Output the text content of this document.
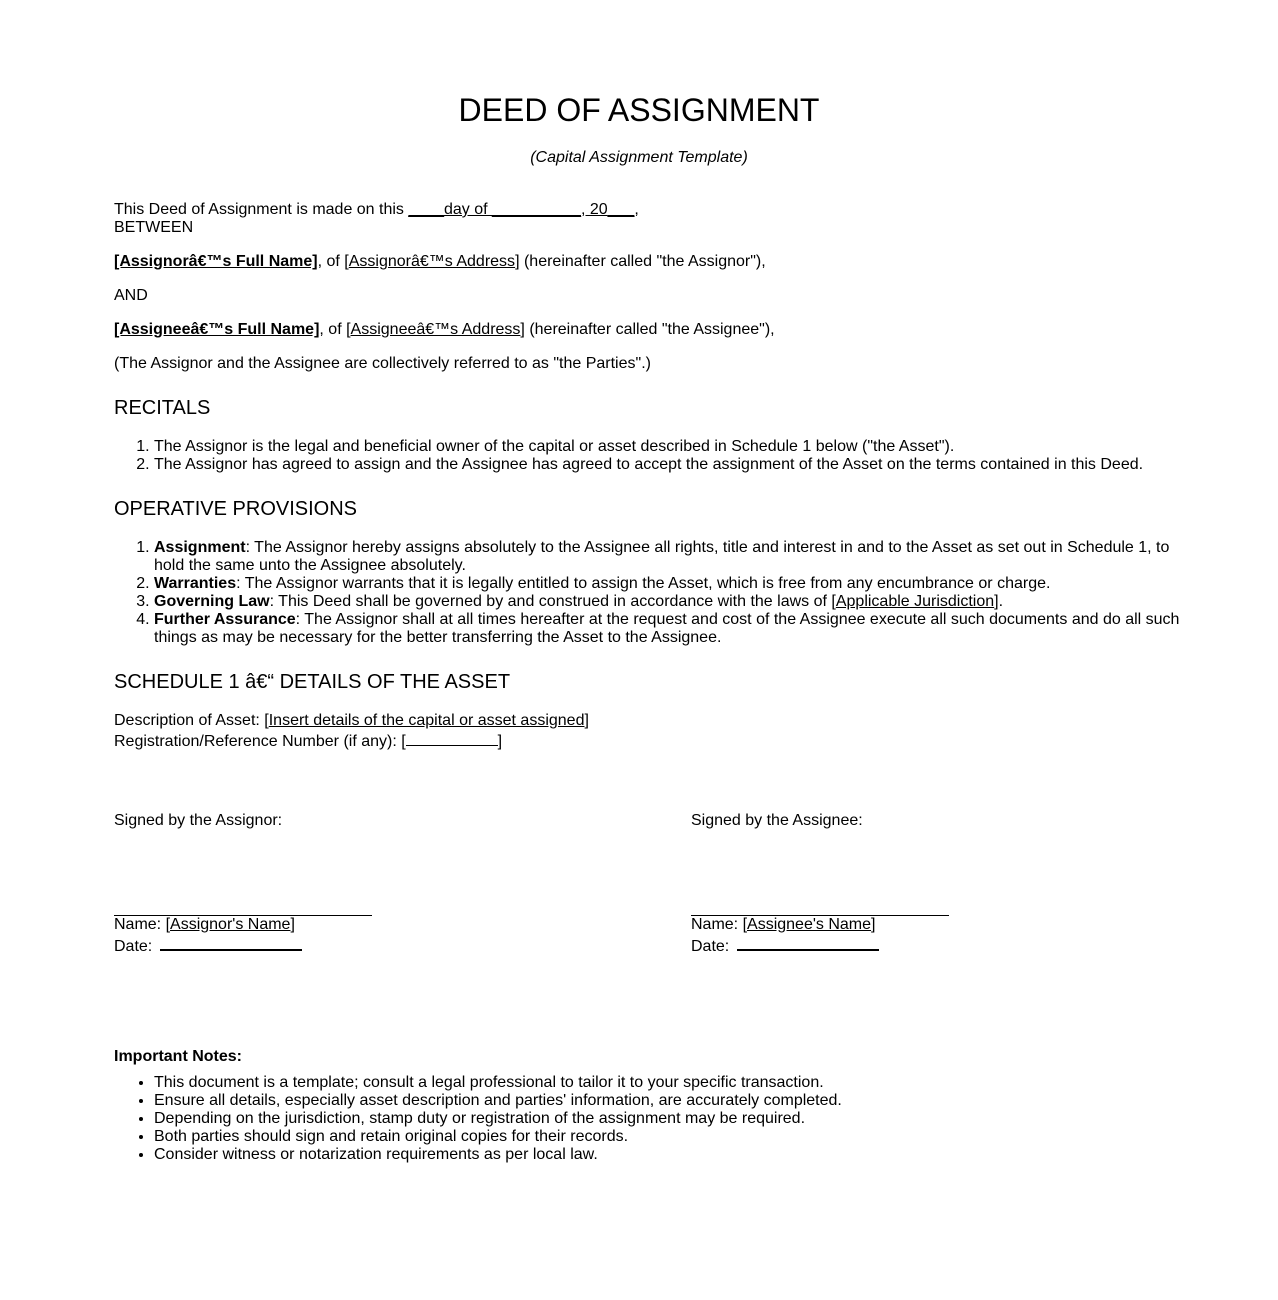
DEED OF ASSIGNMENT
(Capital Assignment Template)
This Deed of Assignment is made on this ____day of __________, 20___,
BETWEEN
[Assignorâ€™s Full Name], of [Assignorâ€™s Address] (hereinafter called "the Assignor"),
AND
[Assigneeâ€™s Full Name], of [Assigneeâ€™s Address] (hereinafter called "the Assignee"),
(The Assignor and the Assignee are collectively referred to as "the Parties".)
RECITALS
1. The Assignor is the legal and beneficial owner of the capital or asset described in Schedule 1 below ("the Asset").
2. The Assignor has agreed to assign and the Assignee has agreed to accept the assignment of the Asset on the terms contained in this Deed.
OPERATIVE PROVISIONS
1. Assignment: The Assignor hereby assigns absolutely to the Assignee all rights, title and interest in and to the Asset as set out in Schedule 1, to hold the same unto the Assignee absolutely.
2. Warranties: The Assignor warrants that it is legally entitled to assign the Asset, which is free from any encumbrance or charge.
3. Governing Law: This Deed shall be governed by and construed in accordance with the laws of [Applicable Jurisdiction].
4. Further Assurance: The Assignor shall at all times hereafter at the request and cost of the Assignee execute all such documents and do all such things as may be necessary for the better transferring the Asset to the Assignee.
SCHEDULE 1 â€“ DETAILS OF THE ASSET
Description of Asset: [Insert details of the capital or asset assigned]
Registration/Reference Number (if any): [	]
Signed by the Assignor:
Name: [Assignor's Name]
Date:
Signed by the Assignee:
Name: [Assignee's Name]
Date:
Important Notes:
• This document is a template; consult a legal professional to tailor it to your specific transaction.
• Ensure all details, especially asset description and parties' information, are accurately completed.
• Depending on the jurisdiction, stamp duty or registration of the assignment may be required.
• Both parties should sign and retain original copies for their records.
• Consider witness or notarization requirements as per local law.
